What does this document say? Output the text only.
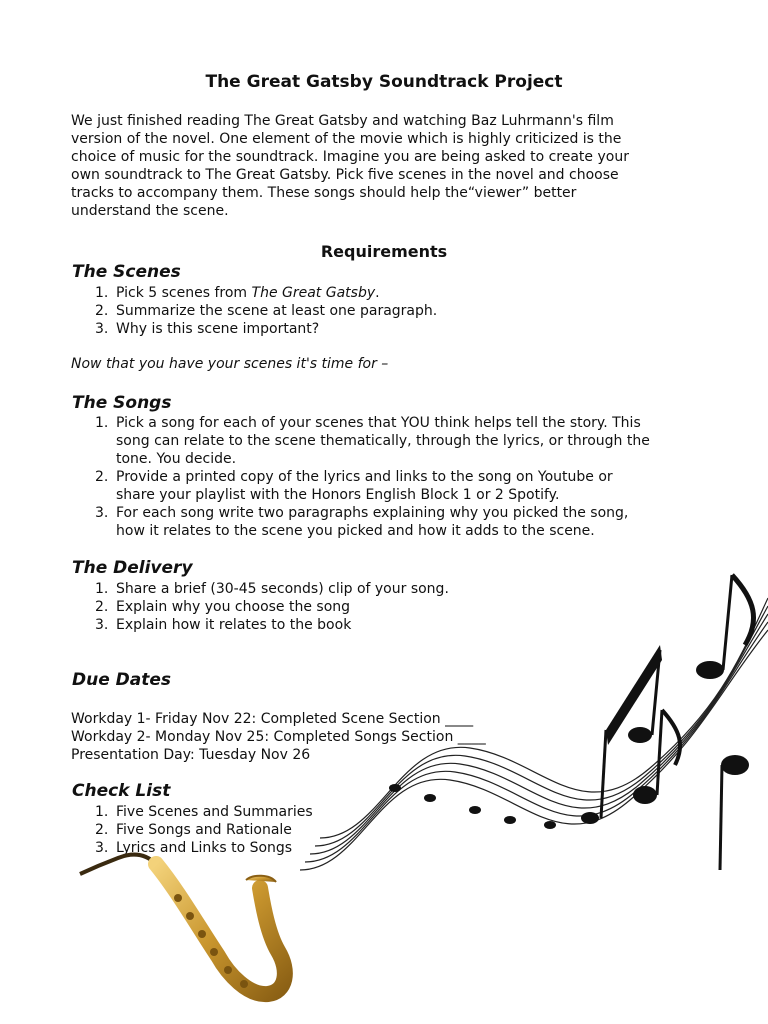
The Great Gatsby Soundtrack Project
We just finished reading The Great Gatsby and watching Baz Luhrmann's film
version of the novel. One element of the movie which is highly criticized is the
choice of music for the soundtrack. Imagine you are being asked to create your
own soundtrack to The Great Gatsby. Pick five scenes in the novel and choose
tracks to accompany them. These songs should help the“viewer” better
understand the scene.
Requirements
The Scenes
1. Pick 5 scenes from The Great Gatsby.
2. Summarize the scene at least one paragraph.
3. Why is this scene important?

Now that you have your scenes it's time for –

The Songs
1. Pick a song for each of your scenes that YOU think helps tell the story. This
song can relate to the scene thematically, through the lyrics, or through the
tone. You decide.
2. Provide a printed copy of the lyrics and links to the song on Youtube or
share your playlist with the Honors English Block 1 or 2 Spotify.
3. For each song write two paragraphs explaining why you picked the song,
how it relates to the scene you picked and how it adds to the scene.
The Delivery
1. Share a brief (30-45 seconds) clip of your song.
2. Explain why you choose the song
3. Explain how it relates to the book
Due Dates
Workday 1- Friday Nov 22: Completed Scene Section ____
Workday 2- Monday Nov 25: Completed Songs Section ____
Presentation Day: Tuesday Nov 26
Check List
1. Five Scenes and Summaries
2. Five Songs and Rationale
3. Lyrics and Links to Songs
